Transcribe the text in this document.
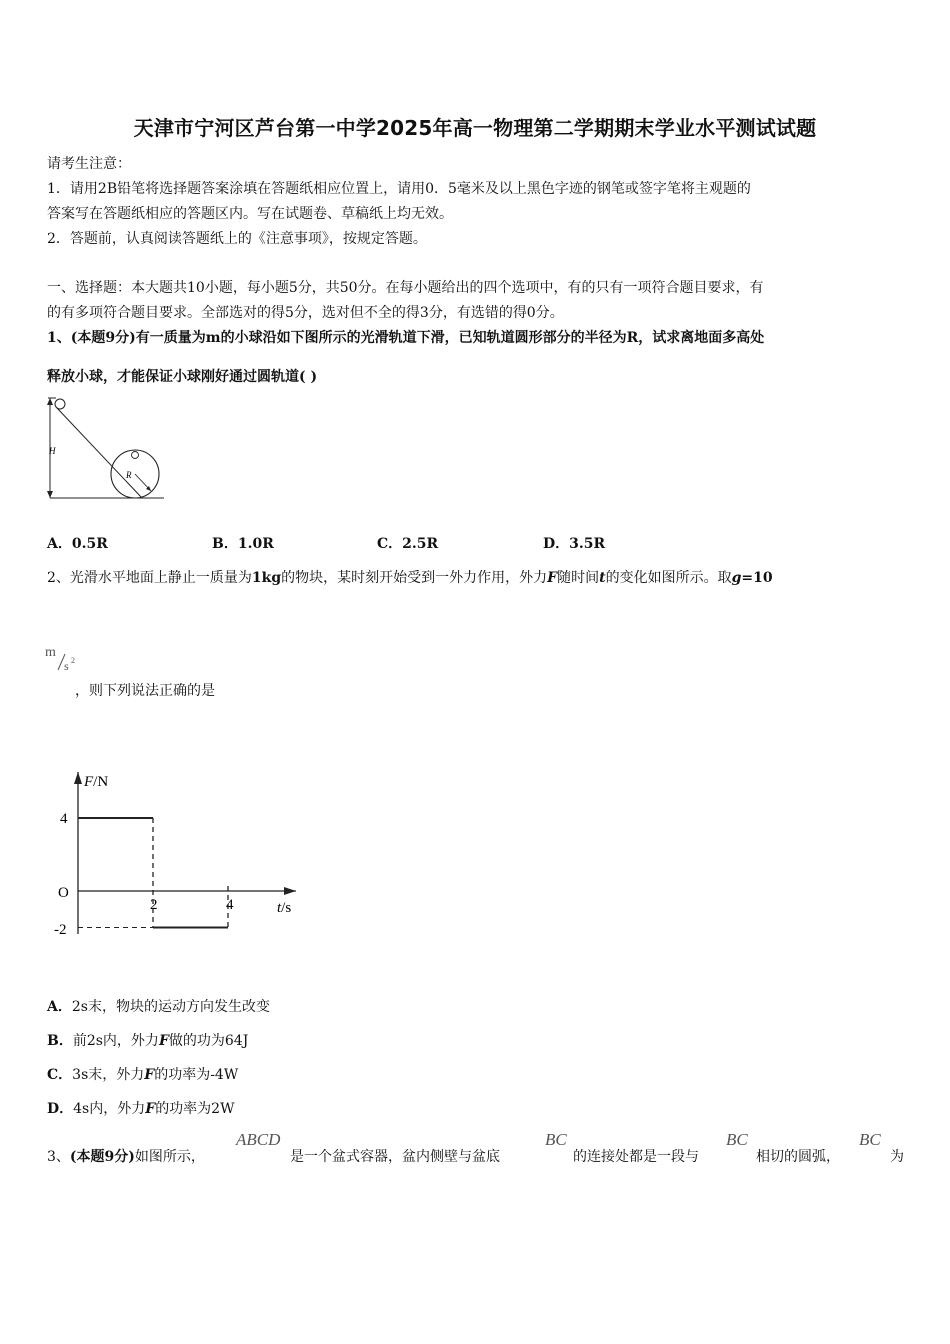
天津市宁河区芦台第一中学2025年高一物理第二学期期末学业水平测试试题
请考生注意：
1．请用2B铅笔将选择题答案涂填在答题纸相应位置上，请用0．5毫米及以上黑色字迹的钢笔或签字笔将主观题的
答案写在答题纸相应的答题区内。写在试题卷、草稿纸上均无效。
2．答题前，认真阅读答题纸上的《注意事项》，按规定答题。
一、选择题：本大题共10小题，每小题5分，共50分。在每小题给出的四个选项中，有的只有一项符合题目要求，有
的有多项符合题目要求。全部选对的得5分，选对但不全的得3分，有选错的得0分。
1、(本题9分)有一质量为m的小球沿如下图所示的光滑轨道下滑，已知轨道圆形部分的半径为R，试求离地面多高处
释放小球，才能保证小球刚好通过圆轨道( )
H
R
A．0.5R	B．1.0R	C．2.5R	D．3.5R
2、光滑水平地面上静止一质量为1kg的物块，某时刻开始受到一外力作用，外力F随时间t的变化如图所示。取g=10
m
s 2
，则下列说法正确的是
F/N
t/s
4
O
-2
2	4
A．2s末，物块的运动方向发生改变
B．前2s内，外力F做的功为64J
C．3s末，外力F的功率为-4W
D．4s内，外力F的功率为2W
3、(本题9分)如图所示，
ABCD
是一个盆式容器，盆内侧壁与盆底
BC
的连接处都是一段与
BC
相切的圆弧，
BC
为
